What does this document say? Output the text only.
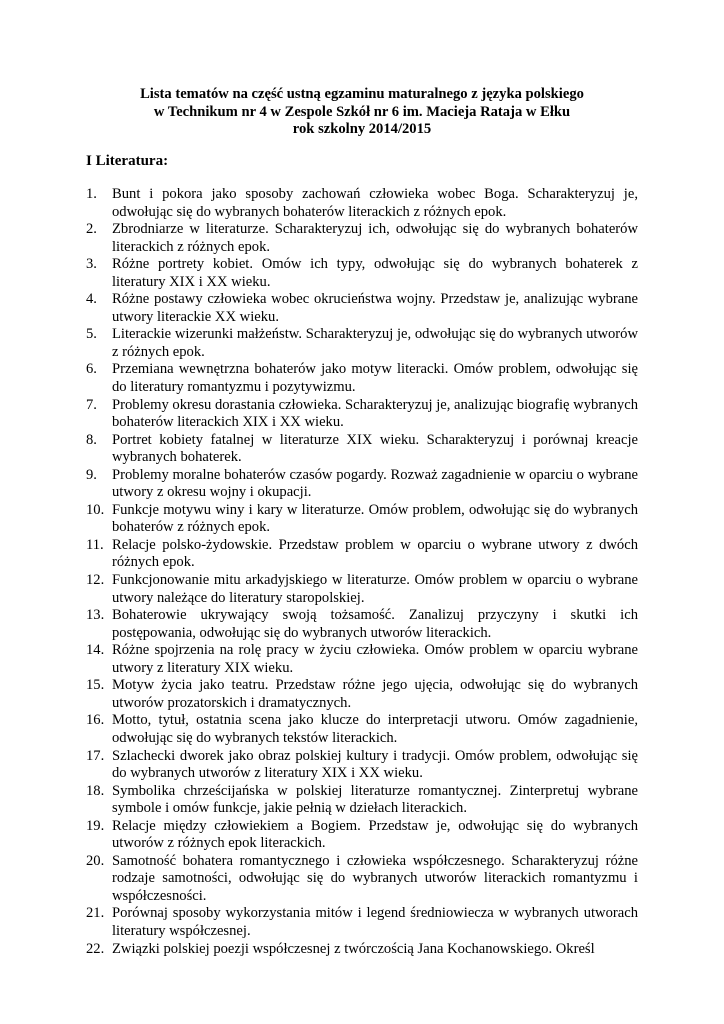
Lista tematów na część ustną egzaminu maturalnego z języka polskiego
w Technikum nr 4 w Zespole Szkół nr 6 im. Macieja Rataja w Ełku
rok szkolny 2014/2015
I Literatura:
1. Bunt i pokora jako sposoby zachowań człowieka wobec Boga. Scharakteryzuj je, odwołując się do wybranych bohaterów literackich z różnych epok.
2. Zbrodniarze w literaturze. Scharakteryzuj ich, odwołując się do wybranych bohaterów literackich z różnych epok.
3. Różne portrety kobiet. Omów ich typy, odwołując się do wybranych bohaterek z literatury XIX i XX wieku.
4. Różne postawy człowieka wobec okrucieństwa wojny. Przedstaw je, analizując wybrane utwory literackie XX wieku.
5. Literackie wizerunki małżeństw. Scharakteryzuj je, odwołując się do wybranych utworów z różnych epok.
6. Przemiana wewnętrzna bohaterów jako motyw literacki. Omów problem, odwołując się do literatury romantyzmu i pozytywizmu.
7. Problemy okresu dorastania człowieka. Scharakteryzuj je, analizując biografię wybranych bohaterów literackich XIX i XX wieku.
8. Portret kobiety fatalnej w literaturze XIX wieku. Scharakteryzuj i porównaj kreacje wybranych bohaterek.
9. Problemy moralne bohaterów czasów pogardy. Rozważ zagadnienie w oparciu o wybrane utwory z okresu wojny i okupacji.
10. Funkcje motywu winy i kary w literaturze. Omów problem, odwołując się do wybranych bohaterów z różnych epok.
11. Relacje polsko-żydowskie. Przedstaw problem w oparciu o wybrane utwory z dwóch różnych epok.
12. Funkcjonowanie mitu arkadyjskiego w literaturze. Omów problem w oparciu o wybrane utwory należące do literatury staropolskiej.
13. Bohaterowie ukrywający swoją tożsamość. Zanalizuj przyczyny i skutki ich postępowania, odwołując się do wybranych utworów literackich.
14. Różne spojrzenia na rolę pracy w życiu człowieka. Omów problem w oparciu wybrane utwory z literatury XIX wieku.
15. Motyw życia jako teatru. Przedstaw różne jego ujęcia, odwołując się do wybranych utworów prozatorskich i dramatycznych.
16. Motto, tytuł, ostatnia scena jako klucze do interpretacji utworu. Omów zagadnienie, odwołując się do wybranych tekstów literackich.
17. Szlachecki dworek jako obraz polskiej kultury i tradycji. Omów problem, odwołując się do wybranych utworów z literatury XIX i XX wieku.
18. Symbolika chrześcijańska w polskiej literaturze romantycznej. Zinterpretuj wybrane symbole i omów funkcje, jakie pełnią w dziełach literackich.
19. Relacje między człowiekiem a Bogiem. Przedstaw je, odwołując się do wybranych utworów z różnych epok literackich.
20. Samotność bohatera romantycznego i człowieka współczesnego. Scharakteryzuj różne rodzaje samotności, odwołując się do wybranych utworów literackich romantyzmu i współczesności.
21. Porównaj sposoby wykorzystania mitów i legend średniowiecza w wybranych utworach literatury współczesnej.
22. Związki polskiej poezji współczesnej z twórczością Jana Kochanowskiego. Określ
